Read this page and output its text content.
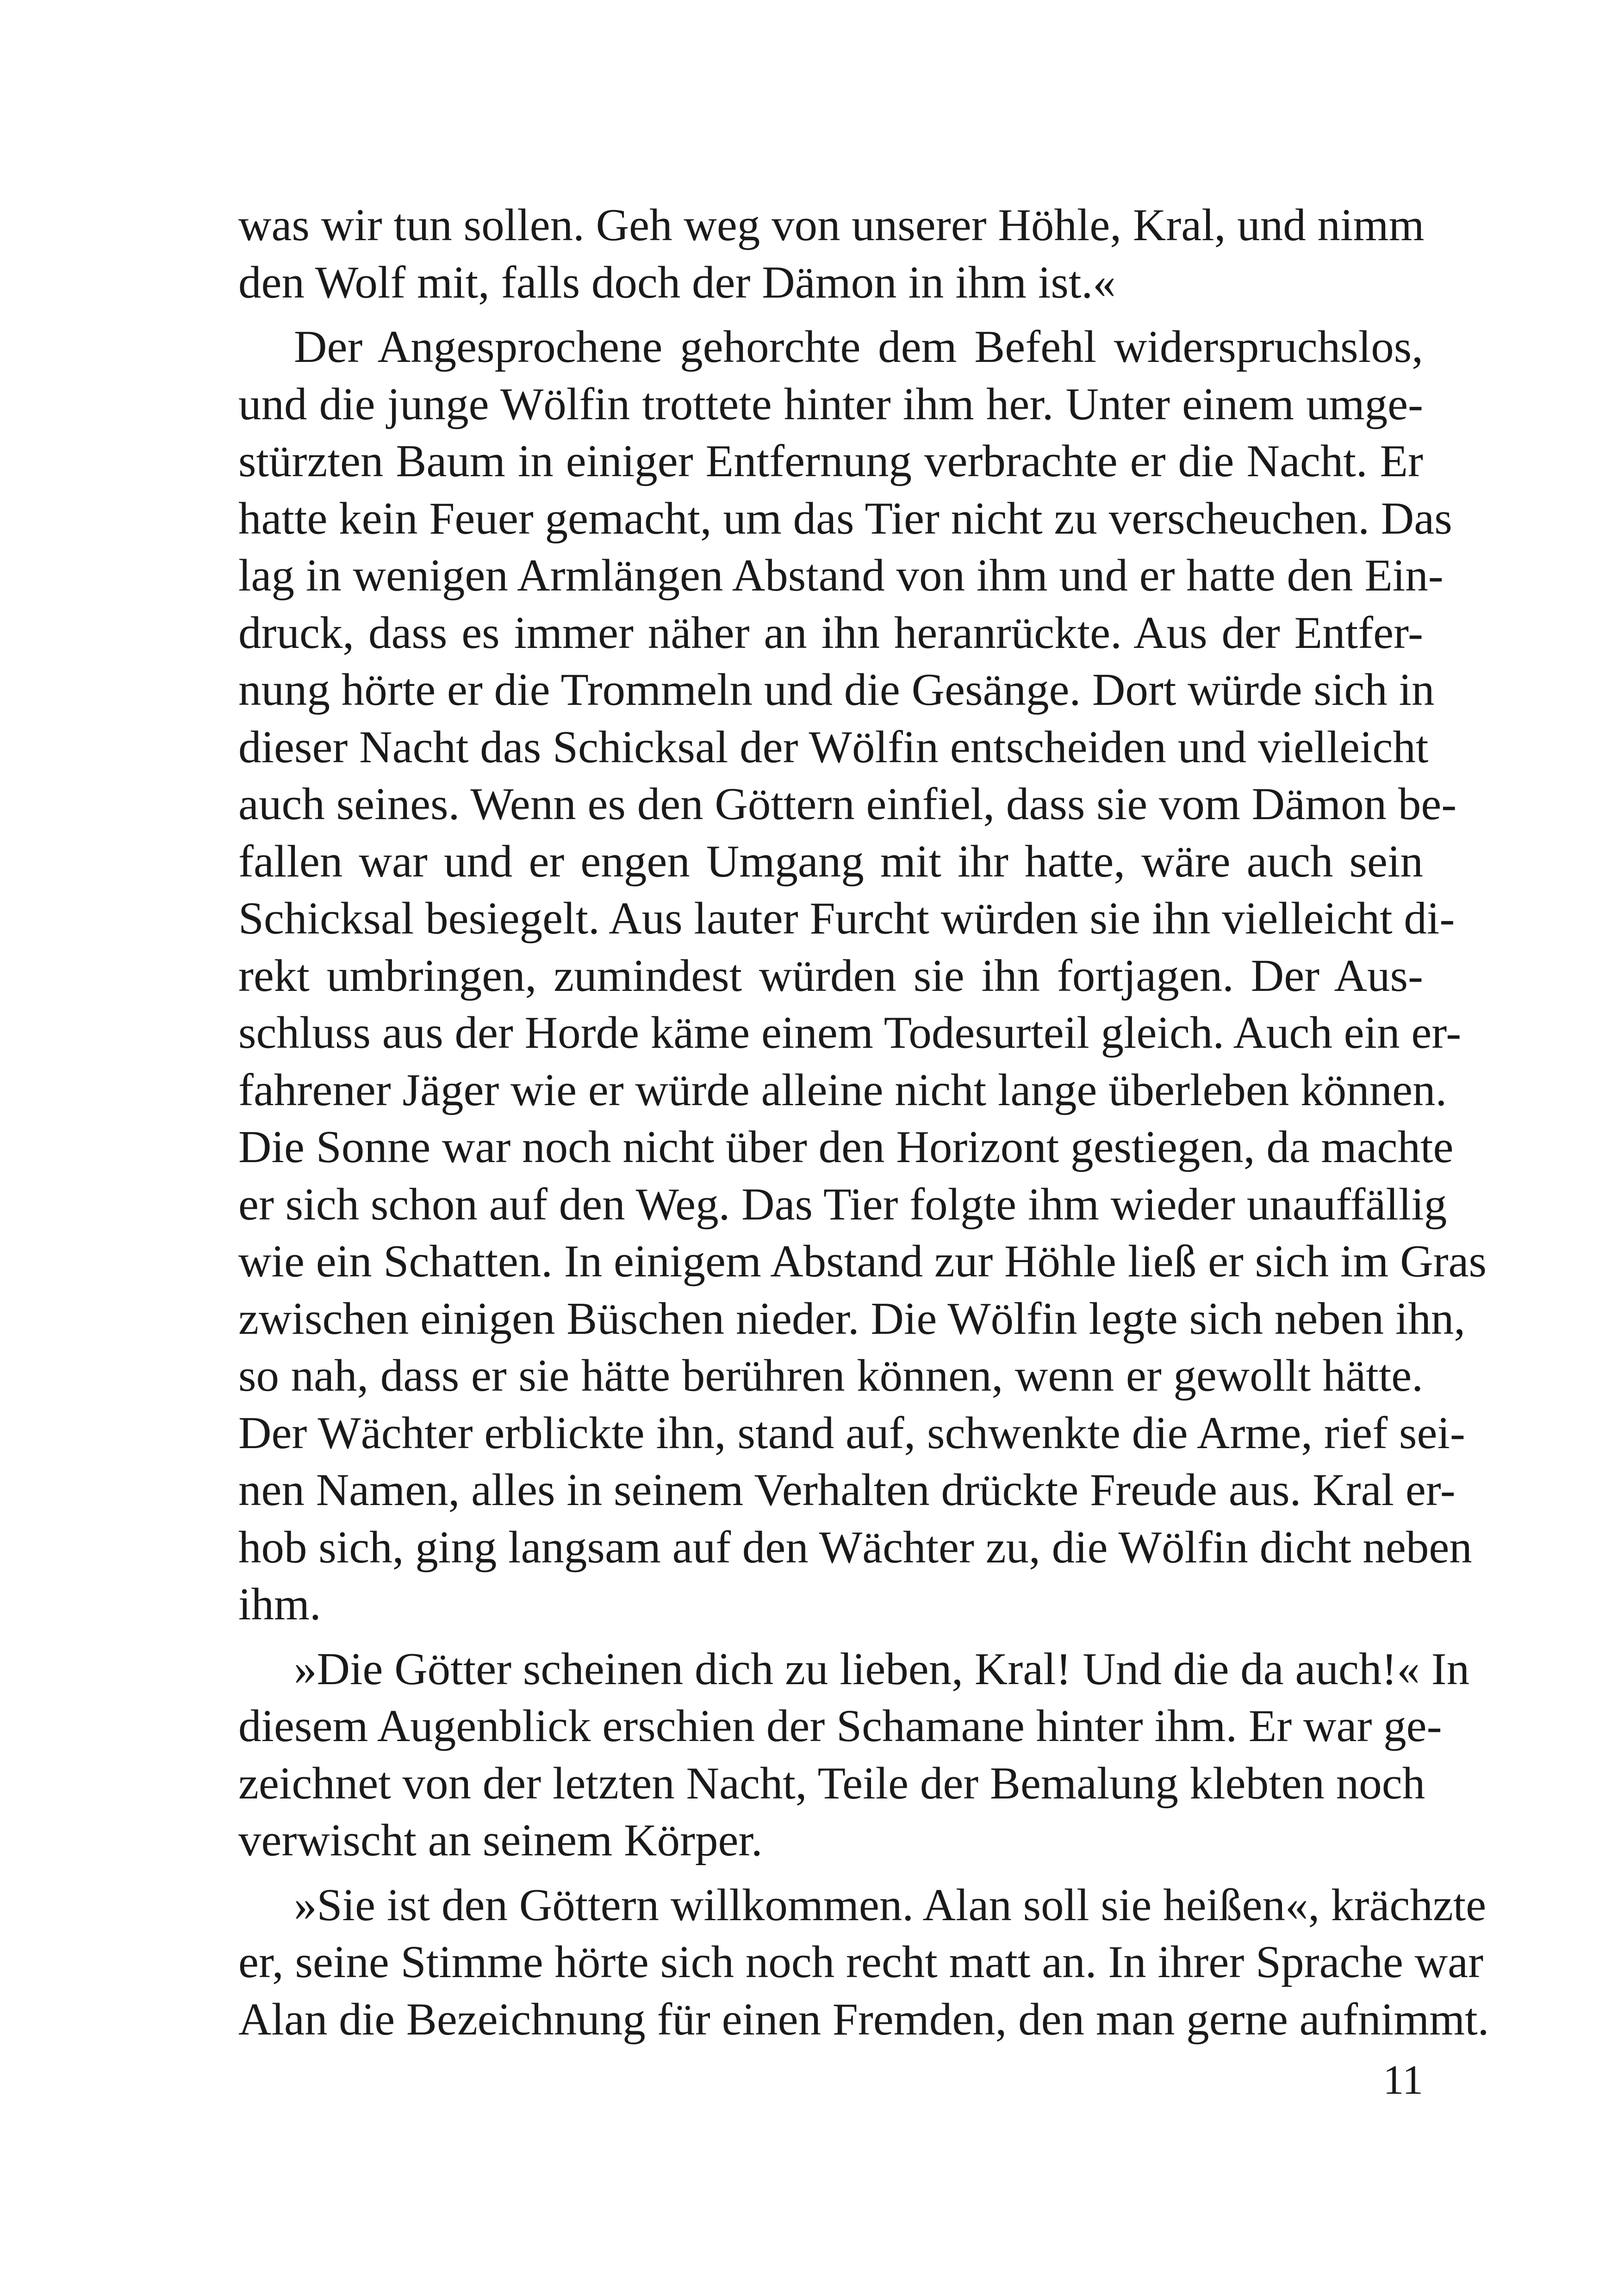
was wir tun sollen. Geh weg von unserer Höhle, Kral, und nimm
den Wolf mit, falls doch der Dämon in ihm ist.«
Der Angesprochene gehorchte dem Befehl widerspruchslos,
und die junge Wölfin trottete hinter ihm her. Unter einem umge-
stürzten Baum in einiger Entfernung verbrachte er die Nacht. Er
hatte kein Feuer gemacht, um das Tier nicht zu verscheuchen. Das
lag in wenigen Armlängen Abstand von ihm und er hatte den Ein-
druck, dass es immer näher an ihn heranrückte. Aus der Entfer-
nung hörte er die Trommeln und die Gesänge. Dort würde sich in
dieser Nacht das Schicksal der Wölfin entscheiden und vielleicht
auch seines. Wenn es den Göttern einfiel, dass sie vom Dämon be-
fallen war und er engen Umgang mit ihr hatte, wäre auch sein
Schicksal besiegelt. Aus lauter Furcht würden sie ihn vielleicht di-
rekt umbringen, zumindest würden sie ihn fortjagen. Der Aus-
schluss aus der Horde käme einem Todesurteil gleich. Auch ein er-
fahrener Jäger wie er würde alleine nicht lange überleben können.
Die Sonne war noch nicht über den Horizont gestiegen, da machte
er sich schon auf den Weg. Das Tier folgte ihm wieder unauffällig
wie ein Schatten. In einigem Abstand zur Höhle ließ er sich im Gras
zwischen einigen Büschen nieder. Die Wölfin legte sich neben ihn,
so nah, dass er sie hätte berühren können, wenn er gewollt hätte.
Der Wächter erblickte ihn, stand auf, schwenkte die Arme, rief sei-
nen Namen, alles in seinem Verhalten drückte Freude aus. Kral er-
hob sich, ging langsam auf den Wächter zu, die Wölfin dicht neben
ihm.
»Die Götter scheinen dich zu lieben, Kral! Und die da auch!« In
diesem Augenblick erschien der Schamane hinter ihm. Er war ge-
zeichnet von der letzten Nacht, Teile der Bemalung klebten noch
verwischt an seinem Körper.
»Sie ist den Göttern willkommen. Alan soll sie heißen«, krächzte
er, seine Stimme hörte sich noch recht matt an. In ihrer Sprache war
Alan die Bezeichnung für einen Fremden, den man gerne aufnimmt.
11
